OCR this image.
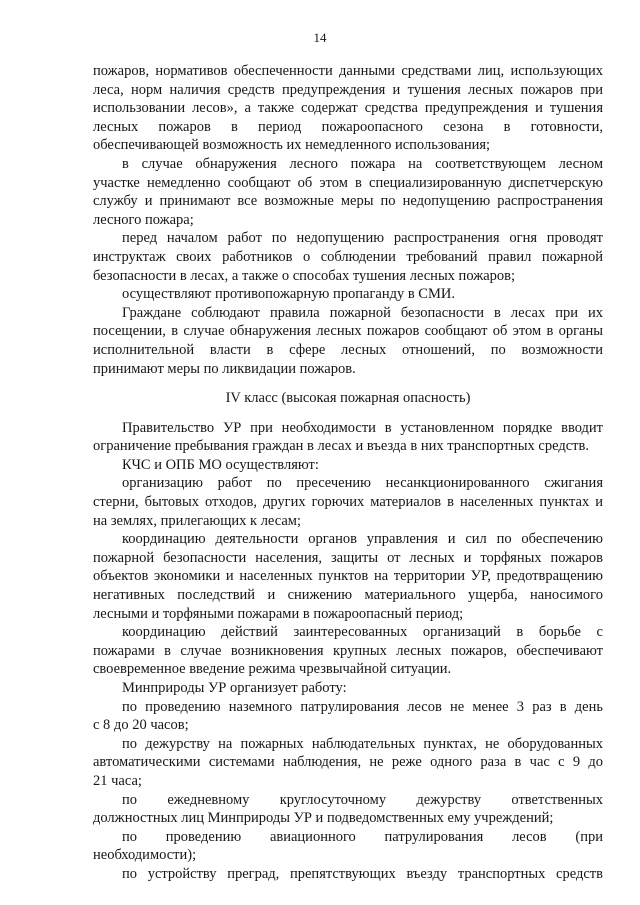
14
пожаров, нормативов обеспеченности данными средствами лиц, использующих
леса, норм наличия средств предупреждения и тушения лесных пожаров при
использовании лесов», а также содержат средства предупреждения и тушения
лесных пожаров в период пожароопасного сезона в готовности,
обеспечивающей возможность их немедленного использования;
в случае обнаружения лесного пожара на соответствующем лесном
участке немедленно сообщают об этом в специализированную диспетчерскую
службу и принимают все возможные меры по недопущению распространения
лесного пожара;
перед началом работ по недопущению распространения огня проводят
инструктаж своих работников о соблюдении требований правил пожарной
безопасности в лесах, а также о способах тушения лесных пожаров;
осуществляют противопожарную пропаганду в СМИ.
Граждане соблюдают правила пожарной безопасности в лесах при их
посещении, в случае обнаружения лесных пожаров сообщают об этом в органы
исполнительной власти в сфере лесных отношений, по возможности
принимают меры по ликвидации пожаров.
IV класс (высокая пожарная опасность)
Правительство УР при необходимости в установленном порядке вводит
ограничение пребывания граждан в лесах и въезда в них транспортных средств.
КЧС и ОПБ МО осуществляют:
организацию работ по пресечению несанкционированного сжигания
стерни, бытовых отходов, других горючих материалов в населенных пунктах и
на землях, прилегающих к лесам;
координацию деятельности органов управления и сил по обеспечению
пожарной безопасности населения, защиты от лесных и торфяных пожаров
объектов экономики и населенных пунктов на территории УР, предотвращению
негативных последствий и снижению материального ущерба, наносимого
лесными и торфяными пожарами в пожароопасный период;
координацию действий заинтересованных организаций в борьбе с
пожарами в случае возникновения крупных лесных пожаров, обеспечивают
своевременное введение режима чрезвычайной ситуации.
Минприроды УР организует работу:
по проведению наземного патрулирования лесов не менее 3 раз в день
с 8 до 20 часов;
по дежурству на пожарных наблюдательных пунктах, не оборудованных
автоматическими системами наблюдения, не реже одного раза в час с 9 до
21 часа;
по ежедневному круглосуточному дежурству ответственных
должностных лиц Минприроды УР и подведомственных ему учреждений;
по проведению авиационного патрулирования лесов (при
необходимости);
по устройству преград, препятствующих въезду транспортных средств
